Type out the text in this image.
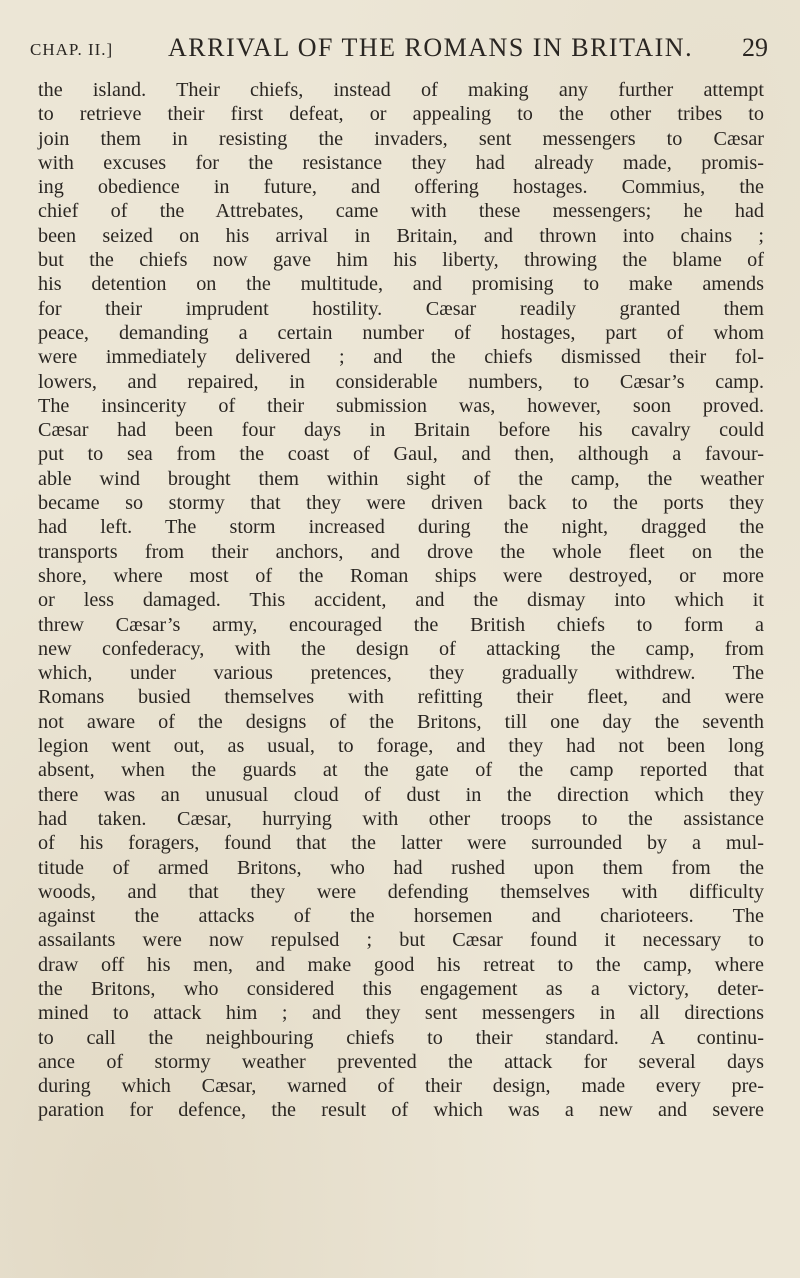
CHAP. II.] ARRIVAL OF THE ROMANS IN BRITAIN. 29
the island. Their chiefs, instead of making any further attempt
to retrieve their first defeat, or appealing to the other tribes to
join them in resisting the invaders, sent messengers to Cæsar
with excuses for the resistance they had already made, promis-
ing obedience in future, and offering hostages. Commius, the
chief of the Attrebates, came with these messengers; he had
been seized on his arrival in Britain, and thrown into chains ;
but the chiefs now gave him his liberty, throwing the blame of
his detention on the multitude, and promising to make amends
for their imprudent hostility. Cæsar readily granted them
peace, demanding a certain number of hostages, part of whom
were immediately delivered ; and the chiefs dismissed their fol-
lowers, and repaired, in considerable numbers, to Cæsar’s camp.
The insincerity of their submission was, however, soon proved.
Cæsar had been four days in Britain before his cavalry could
put to sea from the coast of Gaul, and then, although a favour-
able wind brought them within sight of the camp, the weather
became so stormy that they were driven back to the ports they
had left. The storm increased during the night, dragged the
transports from their anchors, and drove the whole fleet on the
shore, where most of the Roman ships were destroyed, or more
or less damaged. This accident, and the dismay into which it
threw Cæsar’s army, encouraged the British chiefs to form a
new confederacy, with the design of attacking the camp, from
which, under various pretences, they gradually withdrew. The
Romans busied themselves with refitting their fleet, and were
not aware of the designs of the Britons, till one day the seventh
legion went out, as usual, to forage, and they had not been long
absent, when the guards at the gate of the camp reported that
there was an unusual cloud of dust in the direction which they
had taken. Cæsar, hurrying with other troops to the assistance
of his foragers, found that the latter were surrounded by a mul-
titude of armed Britons, who had rushed upon them from the
woods, and that they were defending themselves with difficulty
against the attacks of the horsemen and charioteers. The
assailants were now repulsed ; but Cæsar found it necessary to
draw off his men, and make good his retreat to the camp, where
the Britons, who considered this engagement as a victory, deter-
mined to attack him ; and they sent messengers in all directions
to call the neighbouring chiefs to their standard. A continu-
ance of stormy weather prevented the attack for several days
during which Cæsar, warned of their design, made every pre-
paration for defence, the result of which was a new and severe
